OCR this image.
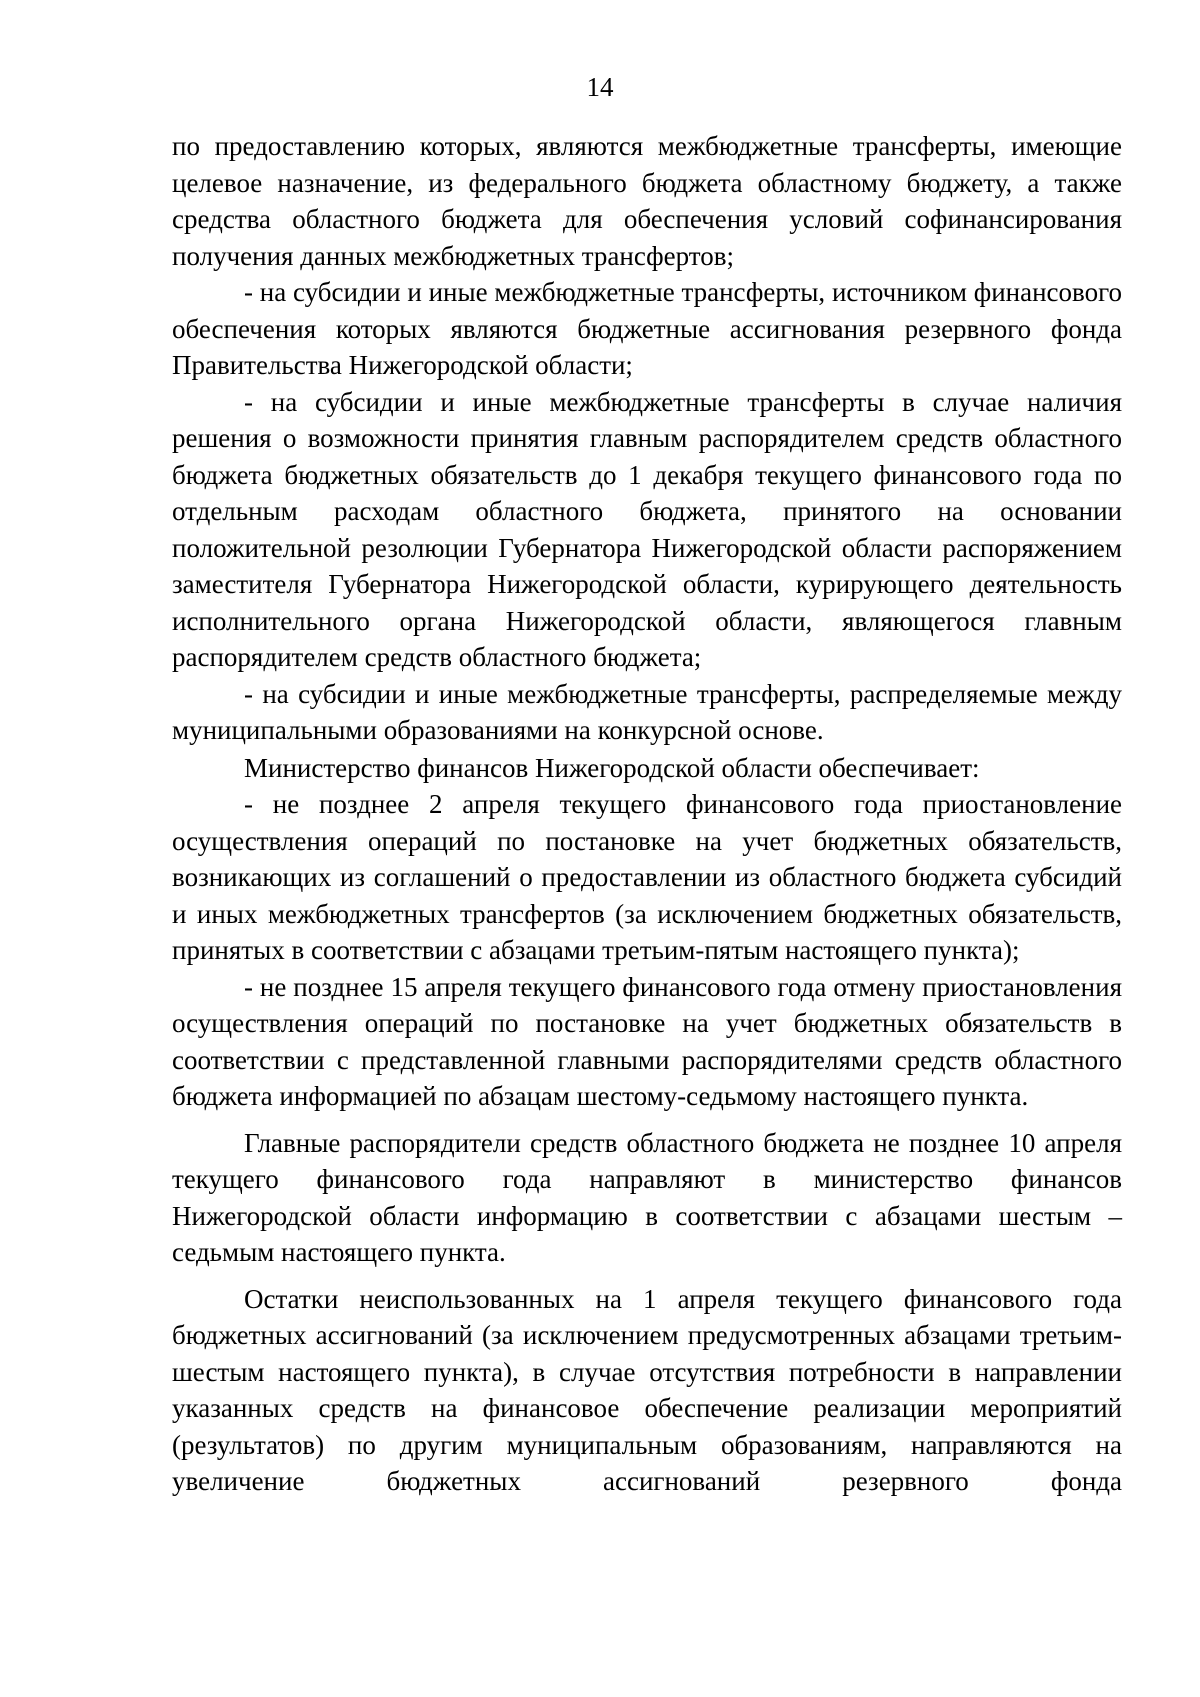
14

по предоставлению которых, являются межбюджетные трансферты, имеющие целевое назначение, из федерального бюджета областному бюджету, а также средства областного бюджета для обеспечения условий софинансирования получения данных межбюджетных трансфертов;

- на субсидии и иные межбюджетные трансферты, источником финансового обеспечения которых являются бюджетные ассигнования резервного фонда Правительства Нижегородской области;

- на субсидии и иные межбюджетные трансферты в случае наличия решения о возможности принятия главным распорядителем средств областного бюджета бюджетных обязательств до 1 декабря текущего финансового года по отдельным расходам областного бюджета, принятого на основании положительной резолюции Губернатора Нижегородской области распоряжением заместителя Губернатора Нижегородской области, курирующего деятельность исполнительного органа Нижегородской области, являющегося главным распорядителем средств областного бюджета;

- на субсидии и иные межбюджетные трансферты, распределяемые между муниципальными образованиями на конкурсной основе.

Министерство финансов Нижегородской области обеспечивает:

- не позднее 2 апреля текущего финансового года приостановление осуществления операций по постановке на учет бюджетных обязательств, возникающих из соглашений о предоставлении из областного бюджета субсидий и иных межбюджетных трансфертов (за исключением бюджетных обязательств, принятых в соответствии с абзацами третьим-пятым настоящего пункта);

- не позднее 15 апреля текущего финансового года отмену приостановления осуществления операций по постановке на учет бюджетных обязательств в соответствии с представленной главными распорядителями средств областного бюджета информацией по абзацам шестому-седьмому настоящего пункта.

Главные распорядители средств областного бюджета не позднее 10 апреля текущего финансового года направляют в министерство финансов Нижегородской области информацию в соответствии с абзацами шестым – седьмым настоящего пункта.

Остатки неиспользованных на 1 апреля текущего финансового года бюджетных ассигнований (за исключением предусмотренных абзацами третьим-шестым настоящего пункта), в случае отсутствия потребности в направлении указанных средств на финансовое обеспечение реализации мероприятий (результатов) по другим муниципальным образованиям, направляются на увеличение бюджетных ассигнований резервного фонда
